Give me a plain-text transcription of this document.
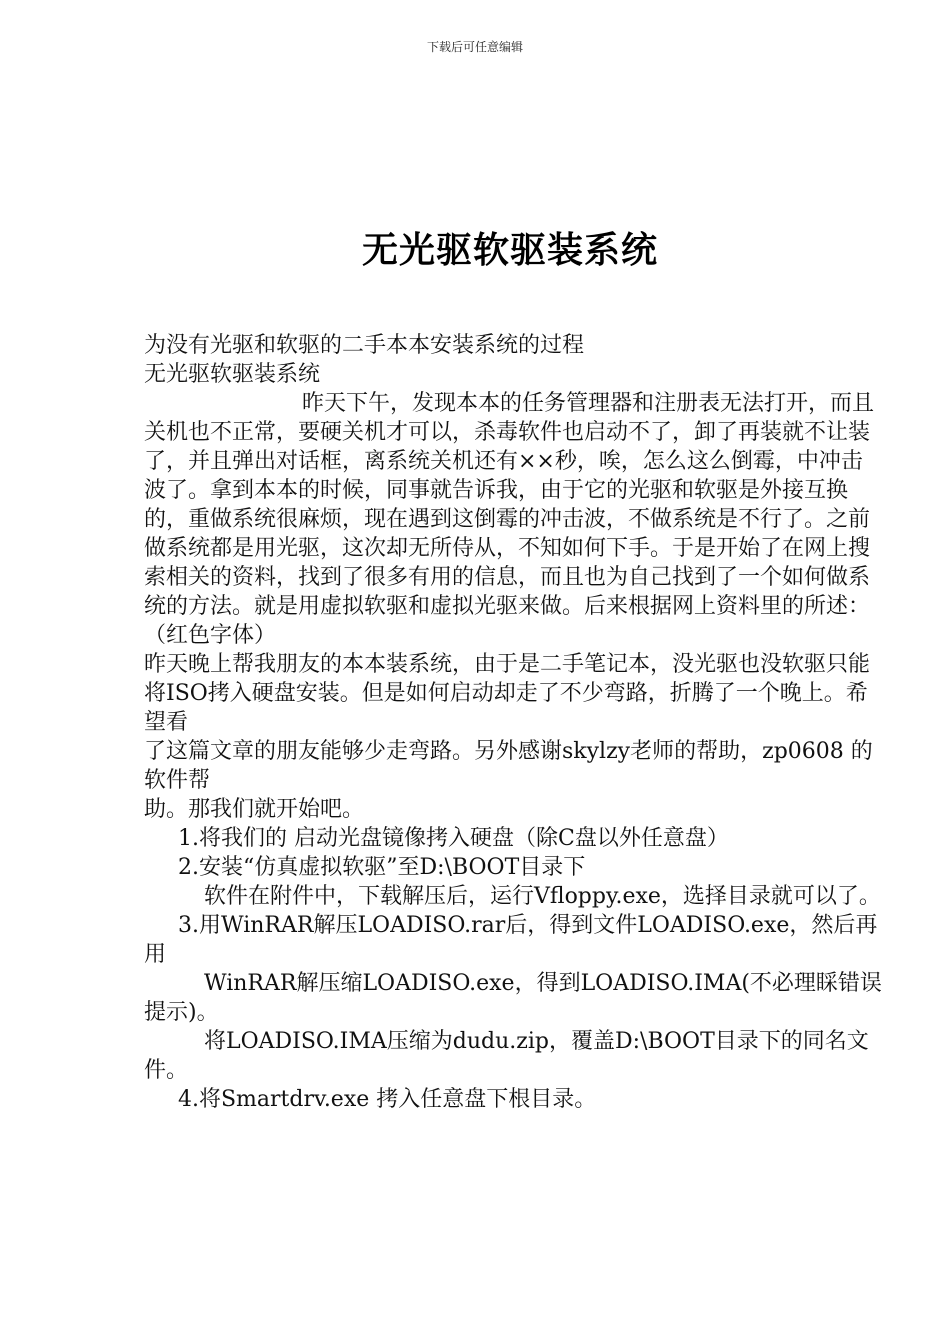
下载后可任意编辑
无光驱软驱装系统

为没有光驱和软驱的二手本本安装系统的过程

无光驱软驱装系统

昨天下午，发现本本的任务管理器和注册表无法打开，而且关机也不正常，要硬关机才可以，杀毒软件也启动不了，卸了再装就不让装了，并且弹出对话框，离系统关机还有××秒，唉，怎么这么倒霉，中冲击波了。拿到本本的时候，同事就告诉我，由于它的光驱和软驱是外接互换的，重做系统很麻烦，现在遇到这倒霉的冲击波，不做系统是不行了。之前做系统都是用光驱，这次却无所侍从，不知如何下手。于是开始了在网上搜索相关的资料，找到了很多有用的信息，而且也为自己找到了一个如何做系统的方法。就是用虚拟软驱和虚拟光驱来做。后来根据网上资料里的所述：（红色字体）

昨天晚上帮我朋友的本本装系统，由于是二手笔记本，没光驱也没软驱只能

将ISO拷入硬盘安装。但是如何启动却走了不少弯路，折腾了一个晚上。希望看

了这篇文章的朋友能够少走弯路。另外感谢skylzy老师的帮助，zp0608 的软件帮

助。那我们就开始吧。

1.将我们的 启动光盘镜像拷入硬盘（除C盘以外任意盘）

2.安装“仿真虚拟软驱”至D:\BOOT目录下

软件在附件中，下载解压后，运行Vfloppy.exe，选择目录就可以了。

3.用WinRAR解压LOADISO.rar后，得到文件LOADISO.exe，然后再用

WinRAR解压缩LOADISO.exe，得到LOADISO.IMA(不必理睬错误提示)。

将LOADISO.IMA压缩为dudu.zip，覆盖D:\BOOT目录下的同名文件。

4.将Smartdrv.exe 拷入任意盘下根目录。
